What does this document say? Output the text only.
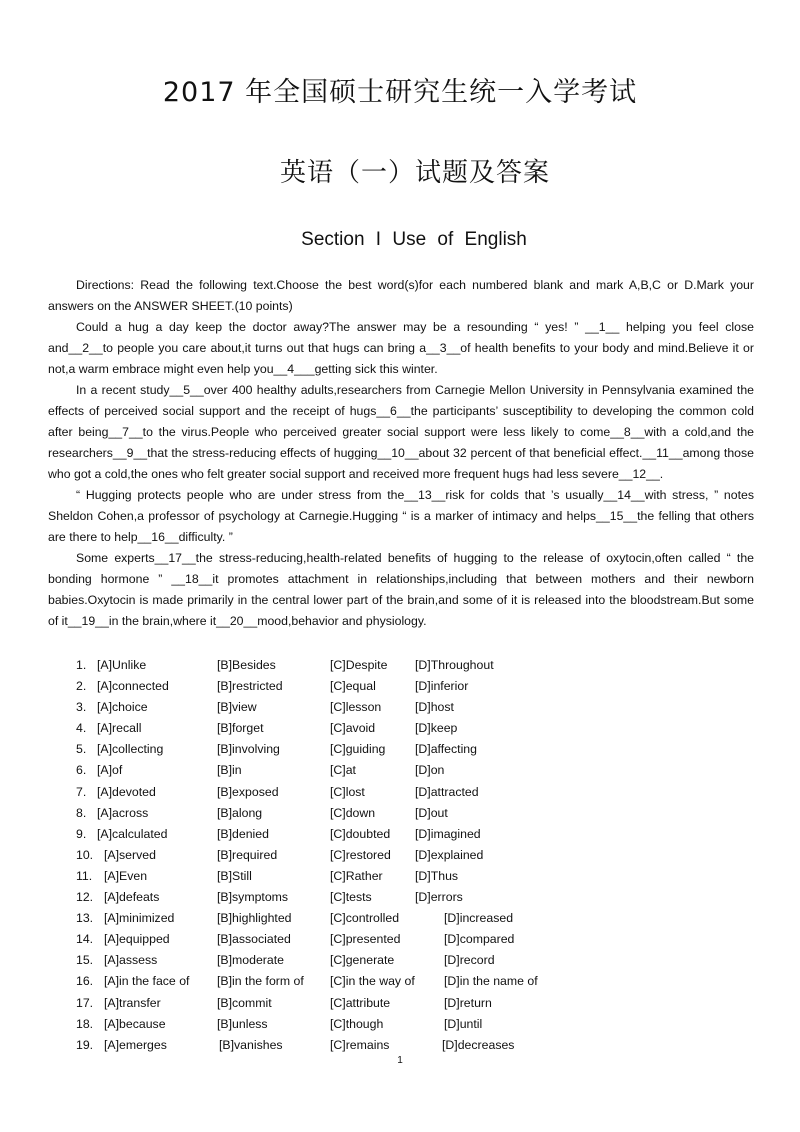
2017 年全国硕士研究生统一入学考试
英语（一）试题及答案
Section I Use of English

Directions: Read the following text.Choose the best word(s)for each numbered blank and mark A,B,C or D.Mark your answers on the ANSWER SHEET.(10 points)

Could a hug a day keep the doctor away?The answer may be a resounding “ yes! ” __1__ helping you feel close and__2__to people you care about,it turns out that hugs can bring a__3__of health benefits to your body and mind.Believe it or not,a warm embrace might even help you__4___getting sick this winter.

In a recent study__5__over 400 healthy adults,researchers from Carnegie Mellon University in Pennsylvania examined the effects of perceived social support and the receipt of hugs__6__the participants’ susceptibility to developing the common cold after being__7__to the virus.People who perceived greater social support were less likely to come__8__with a cold,and the researchers__9__that the stress-reducing effects of hugging__10__about 32 percent of that beneficial effect.__11__among those who got a cold,the ones who felt greater social support and received more frequent hugs had less severe__12__.

“ Hugging protects people who are under stress from the__13__risk for colds that ’s usually__14__with stress, ” notes Sheldon Cohen,a professor of psychology at Carnegie.Hugging “ is a marker of intimacy and helps__15__the felling that others are there to help__16__difficulty. ”

Some experts__17__the stress-reducing,health-related benefits of hugging to the release of oxytocin,often called “ the bonding hormone ” __18__it promotes attachment in relationships,including that between mothers and their newborn babies.Oxytocin is made primarily in the central lower part of the brain,and some of it is released into the bloodstream.But some of it__19__in the brain,where it__20__mood,behavior and physiology.

1. [A]Unlike	[B]Besides	[C]Despite [D]Throughout
2. [A]connected	[B]restricted	[C]equal	[D]inferior
3. [A]choice	[B]view	[C]lesson	[D]host
4. [A]recall	[B]forget	[C]avoid	[D]keep
5. [A]collecting	[B]involving	[C]guiding [D]affecting
6. [A]of	[B]in	[C]at	[D]on
7. [A]devoted	[B]exposed	[C]lost	[D]attracted
8. [A]across	[B]along	[C]down	[D]out
9. [A]calculated	[B]denied	[C]doubted [D]imagined
10. [A]served	[B]required	[C]restored [D]explained
11. [A]Even	[B]Still	[C]Rather	[D]Thus
12. [A]defeats	[B]symptoms	[C]tests	[D]errors
13. [A]minimized	[B]highlighted	[C]controlled	[D]increased
14. [A]equipped	[B]associated	[C]presented	[D]compared
15. [A]assess	[B]moderate	[C]generate	[D]record
16. [A]in the face of [B]in the form of [C]in the way of [D]in the name of
17. [A]transfer	[B]commit	[C]attribute	[D]return
18. [A]because	[B]unless	[C]though	[D]until
19. [A]emerges	[B]vanishes	[C]remains	[D]decreases
1
